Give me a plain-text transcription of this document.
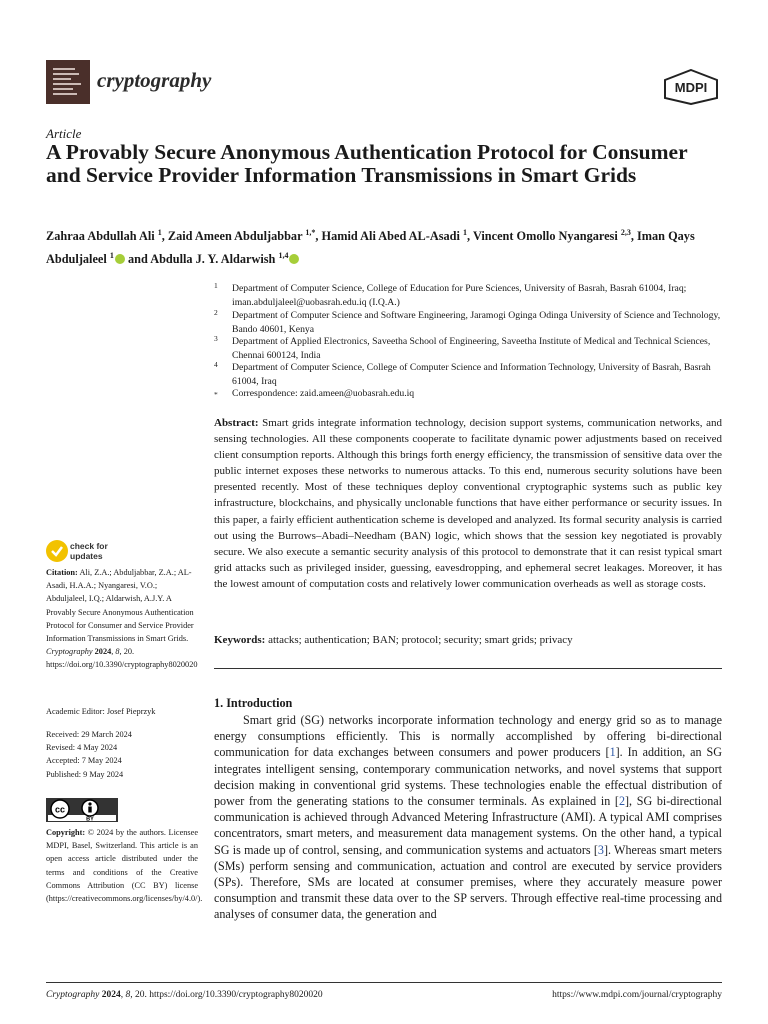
cryptography	MDPI
Article
A Provably Secure Anonymous Authentication Protocol for Consumer and Service Provider Information Transmissions in Smart Grids
Zahraa Abdullah Ali $^1$, Zaid Ameen Abduljabbar $^{1,*}$, Hamid Ali Abed AL-Asadi $^1$, Vincent Omollo Nyangaresi $^{2,3}$, Iman Qays Abduljaleel $^1$ and Abdulla J. Y. Aldarwish $^{1,4}$
1 Department of Computer Science, College of Education for Pure Sciences, University of Basrah, Basrah 61004, Iraq; iman.abduljaleel@uobasrah.edu.iq (I.Q.A.)
2 Department of Computer Science and Software Engineering, Jaramogi Oginga Odinga University of Science and Technology, Bando 40601, Kenya
3 Department of Applied Electronics, Saveetha School of Engineering, Saveetha Institute of Medical and Technical Sciences, Chennai 600124, India
4 Department of Computer Science, College of Computer Science and Information Technology, University of Basrah, Basrah 61004, Iraq
* Correspondence: zaid.ameen@uobasrah.edu.iq
Abstract: Smart grids integrate information technology, decision support systems, communication networks, and sensing technologies. All these components cooperate to facilitate dynamic power adjustments based on received client consumption reports. Although this brings forth energy efficiency, the transmission of sensitive data over the public internet exposes these networks to numerous attacks. To this end, numerous security solutions have been presented recently. Most of these techniques deploy conventional cryptographic systems such as public key infrastructure, blockchains, and physically unclonable functions that have either performance or security issues. In this paper, a fairly efficient authentication scheme is developed and analyzed. Its formal security analysis is carried out using the Burrows–Abadi–Needham (BAN) logic, which shows that the session key negotiated is provably secure. We also execute a semantic security analysis of this protocol to demonstrate that it can resist typical smart grid attacks such as privileged insider, guessing, eavesdropping, and ephemeral secret leakages. Moreover, it has the lowest amount of computation costs and relatively lower communication overheads as well as storage costs.
Keywords: attacks; authentication; BAN; protocol; security; smart grids; privacy
1. Introduction
Smart grid (SG) networks incorporate information technology and energy grid so as to manage energy consumptions efficiently. This is normally accomplished by offering bi-directional communication for data exchanges between consumers and power producers [1]. In addition, an SG integrates intelligent sensing, contemporary communication networks, and novel systems that support decision making in conventional grid systems. These technologies enable the effectual distribution of power from the generating stations to the consumer terminals. As explained in [2], SG bi-directional communication is achieved through Advanced Metering Infrastructure (AMI). A typical AMI comprises concentrators, smart meters, and measurement data management systems. On the other hand, a typical SG is made up of control, sensing, and communication systems and actuators [3]. Whereas smart meters (SMs) perform sensing and communication, actuation and control are executed by service providers (SPs). Therefore, SMs are located at consumer premises, where they accurately measure power consumption and transmit these data over to the SP servers. Through effective real-time processing and analyses of consumer data, the generation and
check for
updates
Citation: Ali, Z.A.; Abduljabbar, Z.A.; AL-Asadi, H.A.A.; Nyangaresi, V.O.; Abduljaleel, I.Q.; Aldarwish, A.J.Y. A Provably Secure Anonymous Authentication Protocol for Consumer and Service Provider Information Transmissions in Smart Grids. Cryptography 2024, 8, 20. https://doi.org/10.3390/cryptography8020020
Academic Editor: Josef Pieprzyk
Received: 29 March 2024
Revised: 4 May 2024
Accepted: 7 May 2024
Published: 9 May 2024
cc
BY
Copyright: © 2024 by the authors. Licensee MDPI, Basel, Switzerland. This article is an open access article distributed under the terms and conditions of the Creative Commons Attribution (CC BY) license (https://creativecommons.org/licenses/by/4.0/).
Cryptography 2024, 8, 20. https://doi.org/10.3390/cryptography8020020	https://www.mdpi.com/journal/cryptography
